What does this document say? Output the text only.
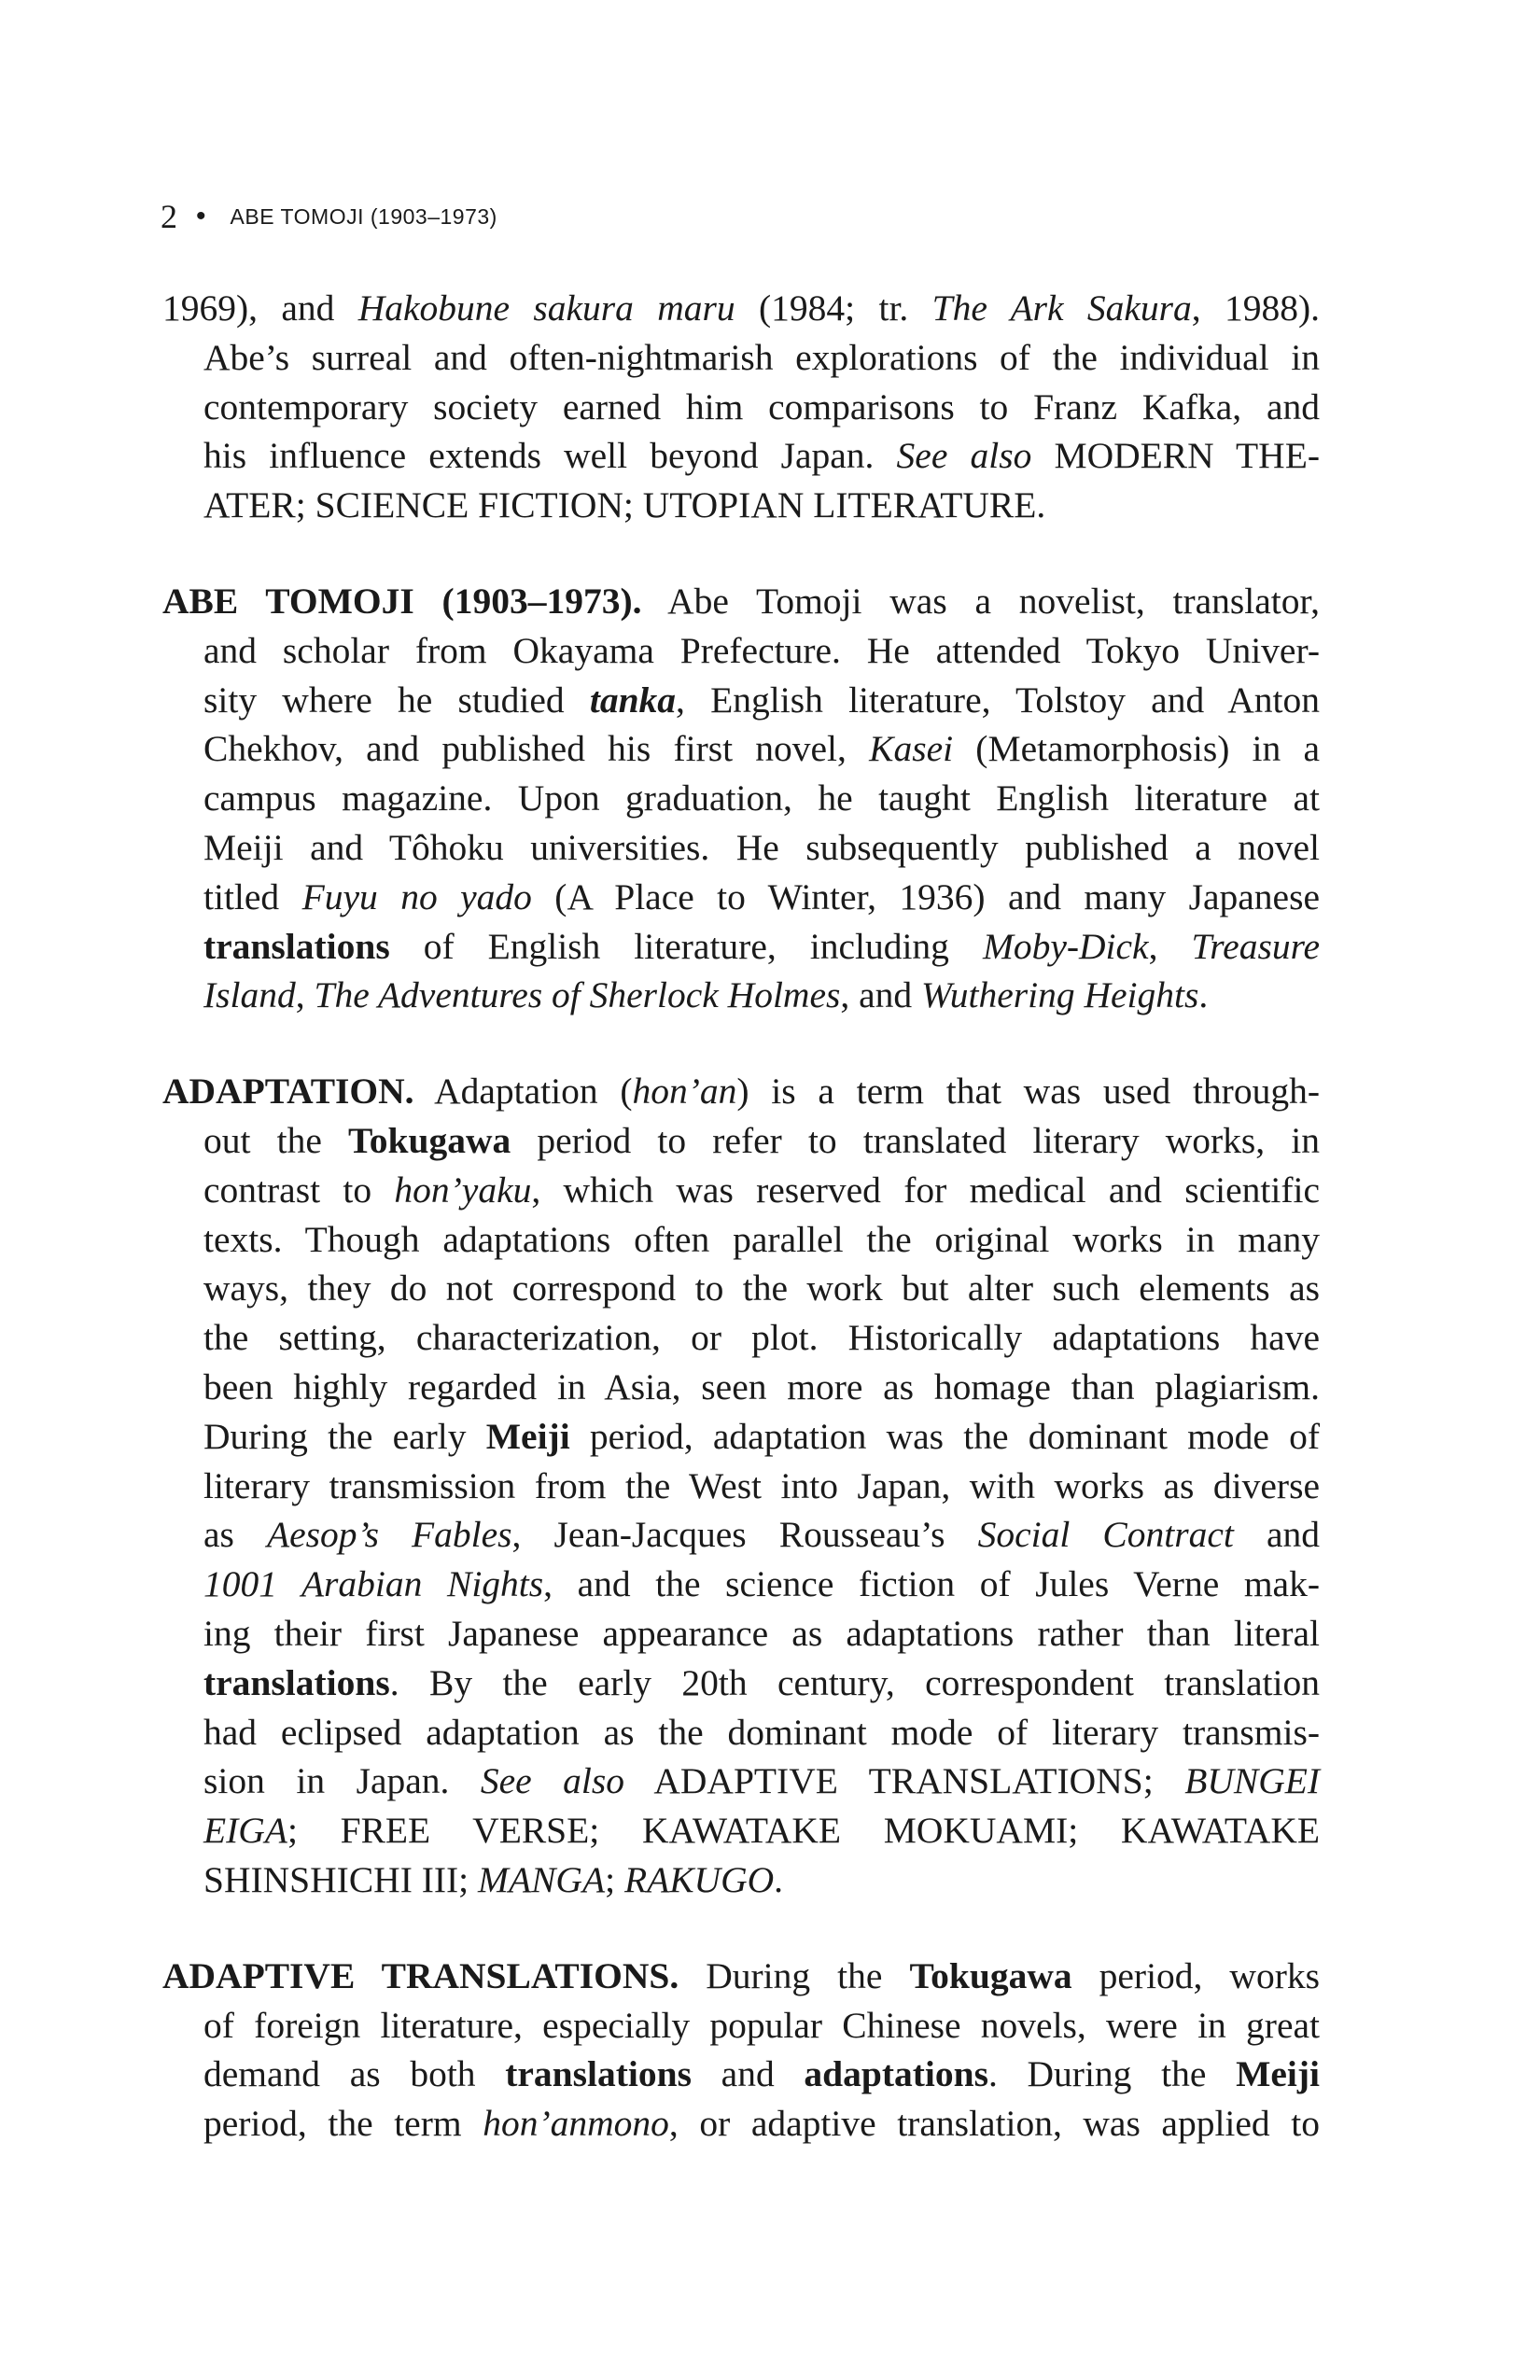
2 • ABE TOMOJI (1903–1973)

1969), and Hakobune sakura maru (1984; tr. The Ark Sakura, 1988).
Abe’s surreal and often-nightmarish explorations of the individual in
contemporary society earned him comparisons to Franz Kafka, and
his influence extends well beyond Japan. See also MODERN THE-
ATER; SCIENCE FICTION; UTOPIAN LITERATURE.

ABE TOMOJI (1903–1973). Abe Tomoji was a novelist, translator,
and scholar from Okayama Prefecture. He attended Tokyo Univer-
sity where he studied tanka, English literature, Tolstoy and Anton
Chekhov, and published his first novel, Kasei (Metamorphosis) in a
campus magazine. Upon graduation, he taught English literature at
Meiji and Tôhoku universities. He subsequently published a novel
titled Fuyu no yado (A Place to Winter, 1936) and many Japanese
translations of English literature, including Moby-Dick, Treasure
Island, The Adventures of Sherlock Holmes, and Wuthering Heights.

ADAPTATION. Adaptation (hon’an) is a term that was used through-
out the Tokugawa period to refer to translated literary works, in
contrast to hon’yaku, which was reserved for medical and scientific
texts. Though adaptations often parallel the original works in many
ways, they do not correspond to the work but alter such elements as
the setting, characterization, or plot. Historically adaptations have
been highly regarded in Asia, seen more as homage than plagiarism.
During the early Meiji period, adaptation was the dominant mode of
literary transmission from the West into Japan, with works as diverse
as Aesop’s Fables, Jean-Jacques Rousseau’s Social Contract and
1001 Arabian Nights, and the science fiction of Jules Verne mak-
ing their first Japanese appearance as adaptations rather than literal
translations. By the early 20th century, correspondent translation
had eclipsed adaptation as the dominant mode of literary transmis-
sion in Japan. See also ADAPTIVE TRANSLATIONS; BUNGEI
EIGA; FREE VERSE; KAWATAKE MOKUAMI; KAWATAKE
SHINSHICHI III; MANGA; RAKUGO.

ADAPTIVE TRANSLATIONS. During the Tokugawa period, works
of foreign literature, especially popular Chinese novels, were in great
demand as both translations and adaptations. During the Meiji
period, the term hon’anmono, or adaptive translation, was applied to
